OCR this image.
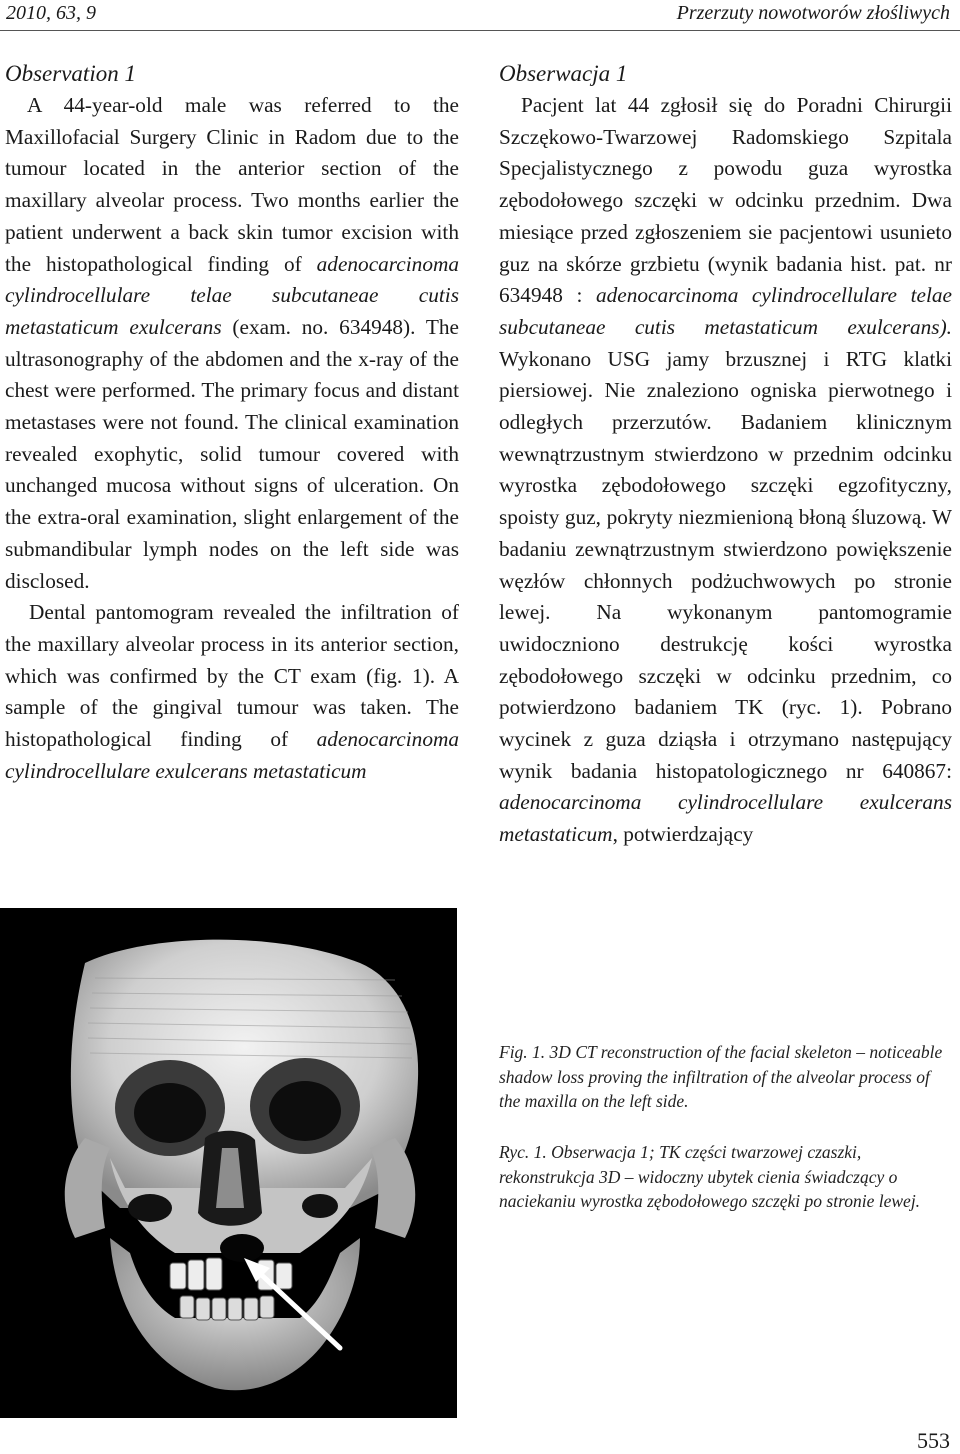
2010, 63, 9	Przerzuty nowotworów złośliwych
Observation 1

A 44-year-old male was referred to the Maxillofacial Surgery Clinic in Radom due to the tumour located in the anterior section of the maxillary alveolar process. Two months earlier the patient underwent a back skin tumor excision with the histopathological finding of adenocarcinoma cylindrocellulare telae subcutaneae cutis metastaticum exulcerans (exam. no. 634948). The ultrasonography of the abdomen and the x-ray of the chest were performed. The primary focus and distant metastases were not found. The clinical examination revealed exophytic, solid tumour covered with unchanged mucosa without signs of ulceration. On the extra-oral examination, slight enlargement of the submandibular lymph nodes on the left side was disclosed.

Dental pantomogram revealed the infiltration of the maxillary alveolar process in its anterior section, which was confirmed by the CT exam (fig. 1). A sample of the gingival tumour was taken. The histopathological finding of adenocarcinoma cylindrocellulare exulcerans metastaticum

Obserwacja 1

Pacjent lat 44 zgłosił się do Poradni Chirurgii Szczękowo-Twarzowej Radomskiego Szpitala Specjalistycznego z powodu guza wyrostka zębodołowego szczęki w odcinku przednim. Dwa miesiące przed zgłoszeniem sie pacjentowi usunieto guz na skórze grzbietu (wynik badania hist. pat. nr 634948 : adenocarcinoma cylindrocellulare telae subcutaneae cutis metastaticum exulcerans). Wykonano USG jamy brzusznej i RTG klatki piersiowej. Nie znaleziono ogniska pierwotnego i odległych przerzutów. Badaniem klinicznym wewnątrzustnym stwierdzono w przednim odcinku wyrostka zębodołowego szczęki egzofityczny, spoisty guz, pokryty niezmienioną błoną śluzową. W badaniu zewnątrzustnym stwierdzono powiększenie węzłów chłonnych podżuchwowych po stronie lewej. Na wykonanym pantomogramie uwidoczniono destrukcję kości wyrostka zębodołowego szczęki w odcinku przednim, co potwierdzono badaniem TK (ryc. 1). Pobrano wycinek z guza dziąsła i otrzymano następujący wynik badania histopatologicznego nr 640867: adenocarcinoma cylindrocellulare exulcerans metastaticum, potwierdzający

Fig. 1. 3D CT reconstruction of the facial skeleton – noticeable shadow loss proving the infiltration of the alveolar process of the maxilla on the left side.

Ryc. 1. Obserwacja 1; TK części twarzowej czaszki, rekonstrukcja 3D – widoczny ubytek cienia świadczący o naciekaniu wyrostka zębodołowego szczęki po stronie lewej.

553
